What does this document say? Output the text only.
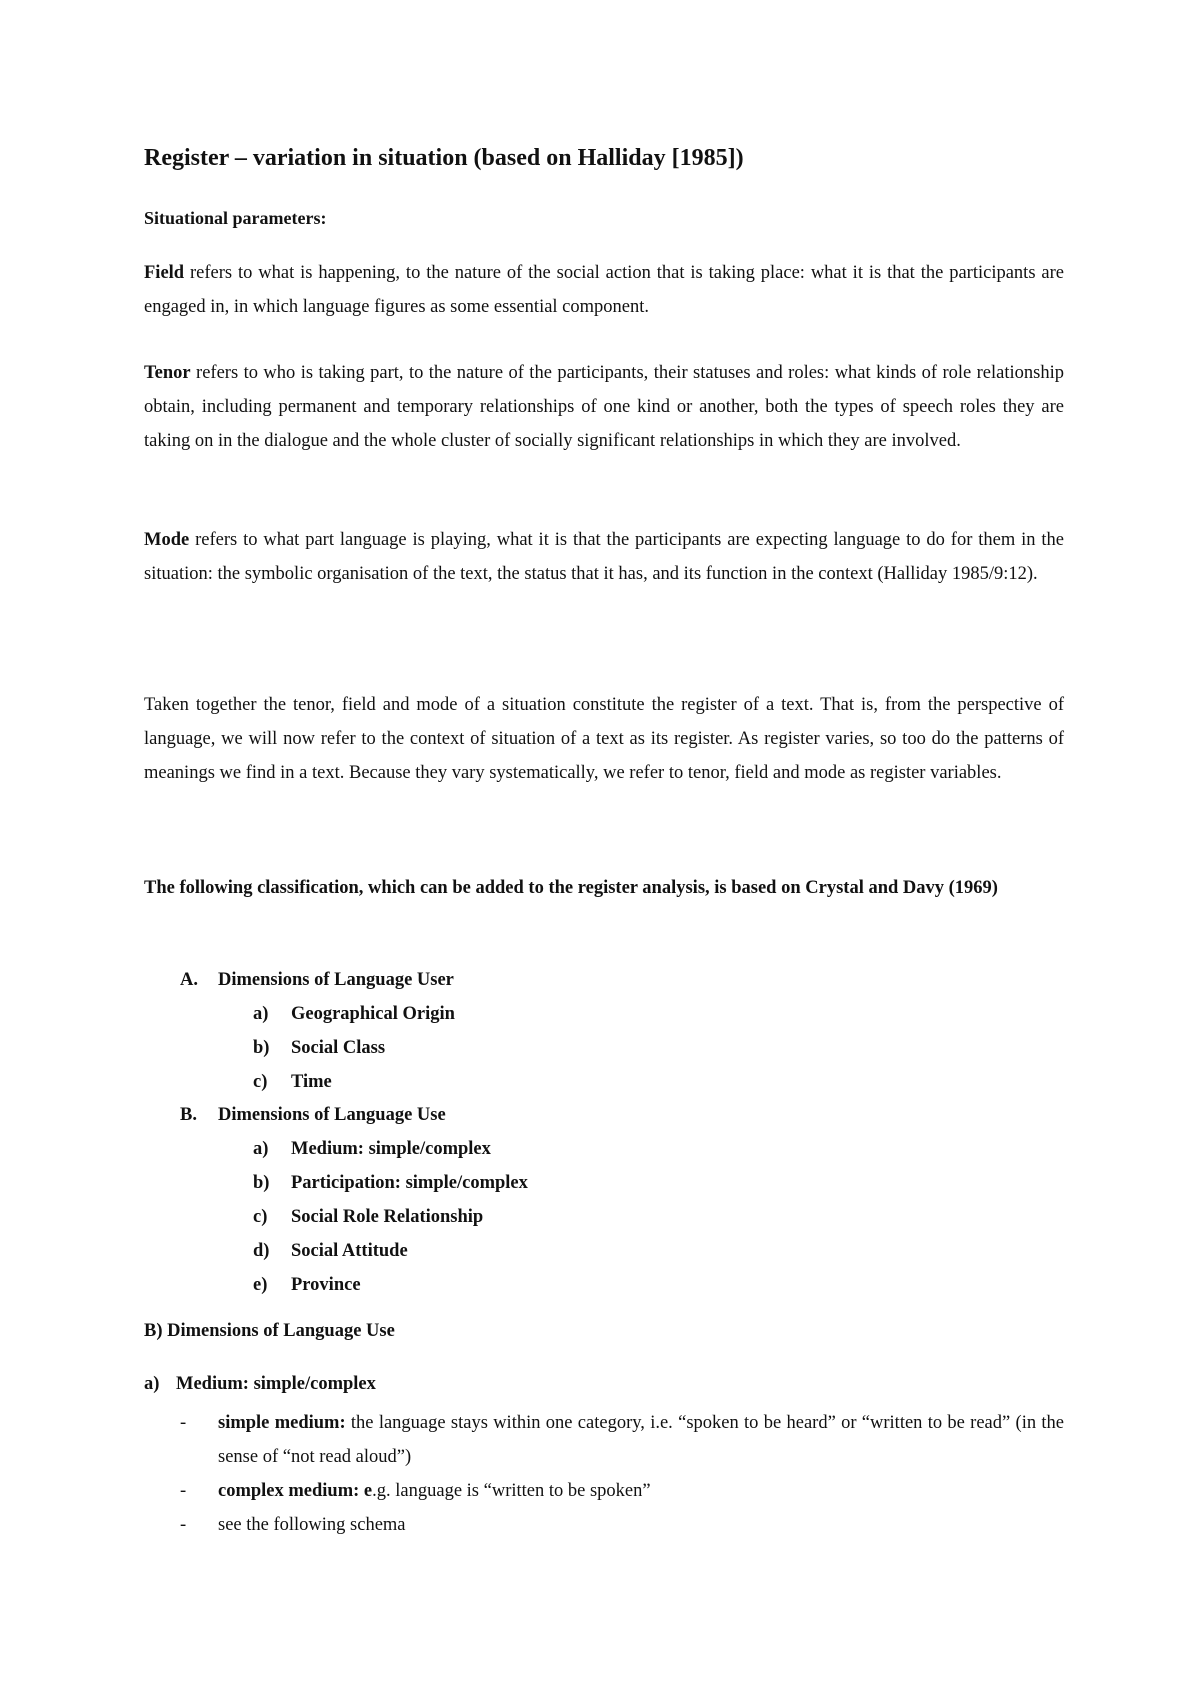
Register – variation in situation (based on Halliday [1985])
Situational parameters:
Field refers to what is happening, to the nature of the social action that is taking place: what it is that the participants are engaged in, in which language figures as some essential component.
Tenor refers to who is taking part, to the nature of the participants, their statuses and roles: what kinds of role relationship obtain, including permanent and temporary relationships of one kind or another, both the types of speech roles they are taking on in the dialogue and the whole cluster of socially significant relationships in which they are involved.
Mode refers to what part language is playing, what it is that the participants are expecting language to do for them in the situation: the symbolic organisation of the text, the status that it has, and its function in the context (Halliday 1985/9:12).
Taken together the tenor, field and mode of a situation constitute the register of a text. That is, from the perspective of language, we will now refer to the context of situation of a text as its register. As register varies, so too do the patterns of meanings we find in a text. Because they vary systematically, we refer to tenor, field and mode as register variables.
The following classification, which can be added to the register analysis, is based on Crystal and Davy (1969)
A.	Dimensions of Language User
a)	Geographical Origin
b)	Social Class
c)	Time
B.	Dimensions of Language Use
a)	Medium: simple/complex
b)	Participation: simple/complex
c)	Social Role Relationship
d)	Social Attitude
e)	Province
B) Dimensions of Language Use
a) Medium: simple/complex
-	simple medium: the language stays within one category, i.e. “spoken to be heard” or “written to be read” (in the sense of “not read aloud”)
-	complex medium: e.g. language is “written to be spoken”
-	see the following schema
